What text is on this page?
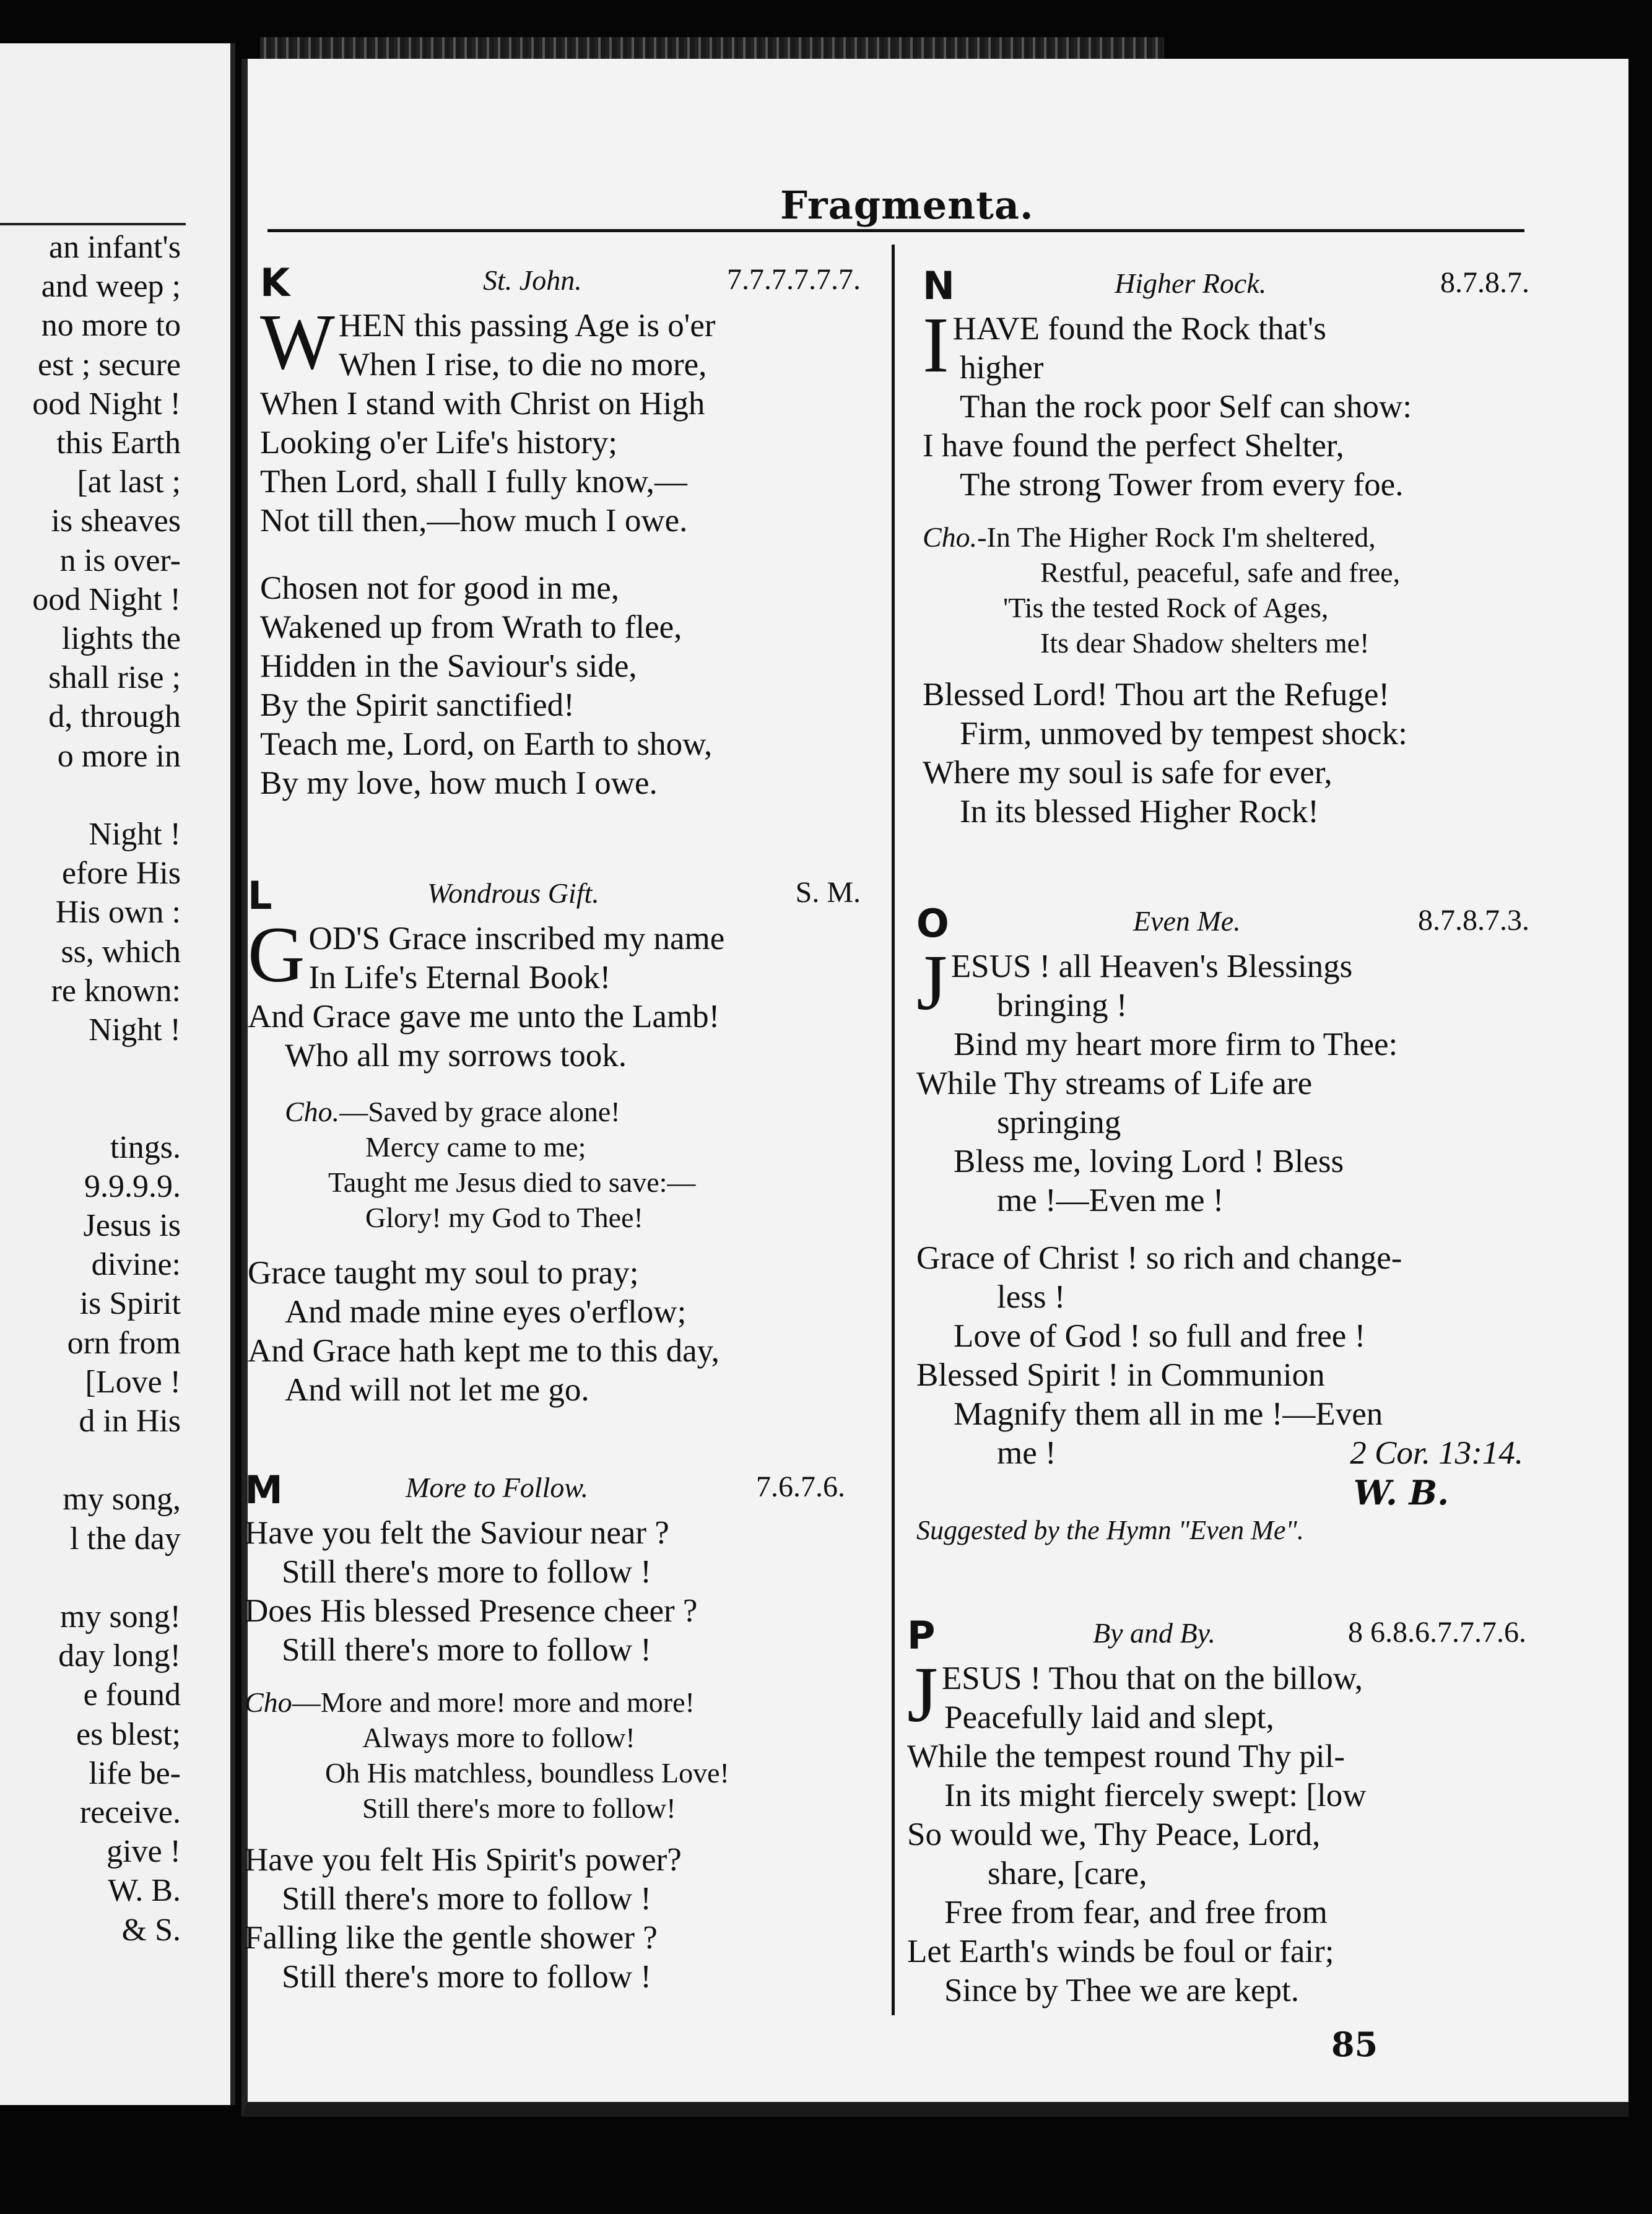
an infant's
and weep ;
no more to
est ; secure
ood Night !
this Earth
[at last ;
is sheaves
n is over-
ood Night !
lights the
shall rise ;
d, through
o more in
Night !
efore His
His own :
ss, which
re known:
Night !
tings.
9.9.9.9.
Jesus is
divine:
is Spirit
orn from
[Love !
d in His
my song,
l the day
my song!
day long!
e found
es blest;
life be-
receive.
give !
W. B.
& S.
Fragmenta.
K	St. John.	7.7.7.7.7.7.
WHEN this passing Age is o'er
When I rise, to die no more,
When I stand with Christ on High
Looking o'er Life's history;
Then Lord, shall I fully know,—
Not till then,—how much I owe.
Chosen not for good in me,
Wakened up from Wrath to flee,
Hidden in the Saviour's side,
By the Spirit sanctified!
Teach me, Lord, on Earth to show,
By my love, how much I owe.
L	Wondrous Gift.	S. M.
GOD'S Grace inscribed my name
In Life's Eternal Book!
And Grace gave me unto the Lamb!
Who all my sorrows took.
Cho.—Saved by grace alone!
Mercy came to me;
Taught me Jesus died to save:—
Glory! my God to Thee!
Grace taught my soul to pray;
And made mine eyes o'erflow;
And Grace hath kept me to this day,
And will not let me go.
M	More to Follow.	7.6.7.6.
Have you felt the Saviour near ?
Still there's more to follow !
Does His blessed Presence cheer ?
Still there's more to follow !
Cho—More and more! more and more!
Always more to follow!
Oh His matchless, boundless Love!
Still there's more to follow!
Have you felt His Spirit's power?
Still there's more to follow !
Falling like the gentle shower ?
Still there's more to follow !
N	Higher Rock.	8.7.8.7.
IHAVE found the Rock that's
higher
Than the rock poor Self can show:
I have found the perfect Shelter,
The strong Tower from every foe.
Cho.-In The Higher Rock I'm sheltered,
Restful, peaceful, safe and free,
'Tis the tested Rock of Ages,
Its dear Shadow shelters me!
Blessed Lord! Thou art the Refuge!
Firm, unmoved by tempest shock:
Where my soul is safe for ever,
In its blessed Higher Rock!
O	Even Me.	8.7.8.7.3.
JESUS ! all Heaven's Blessings
bringing !
Bind my heart more firm to Thee:
While Thy streams of Life are
springing
Bless me, loving Lord ! Bless
me !—Even me !
Grace of Christ ! so rich and change-
less !
Love of God ! so full and free !
Blessed Spirit ! in Communion
Magnify them all in me !—Even
me !	2 Cor. 13:14.
W. B.
Suggested by the Hymn "Even Me".
P	By and By.	8 6.8.6.7.7.7.6.
JESUS ! Thou that on the billow,
Peacefully laid and slept,
While the tempest round Thy pil-
In its might fiercely swept: [low
So would we, Thy Peace, Lord,
share, [care,
Free from fear, and free from
Let Earth's winds be foul or fair;
Since by Thee we are kept.
85
